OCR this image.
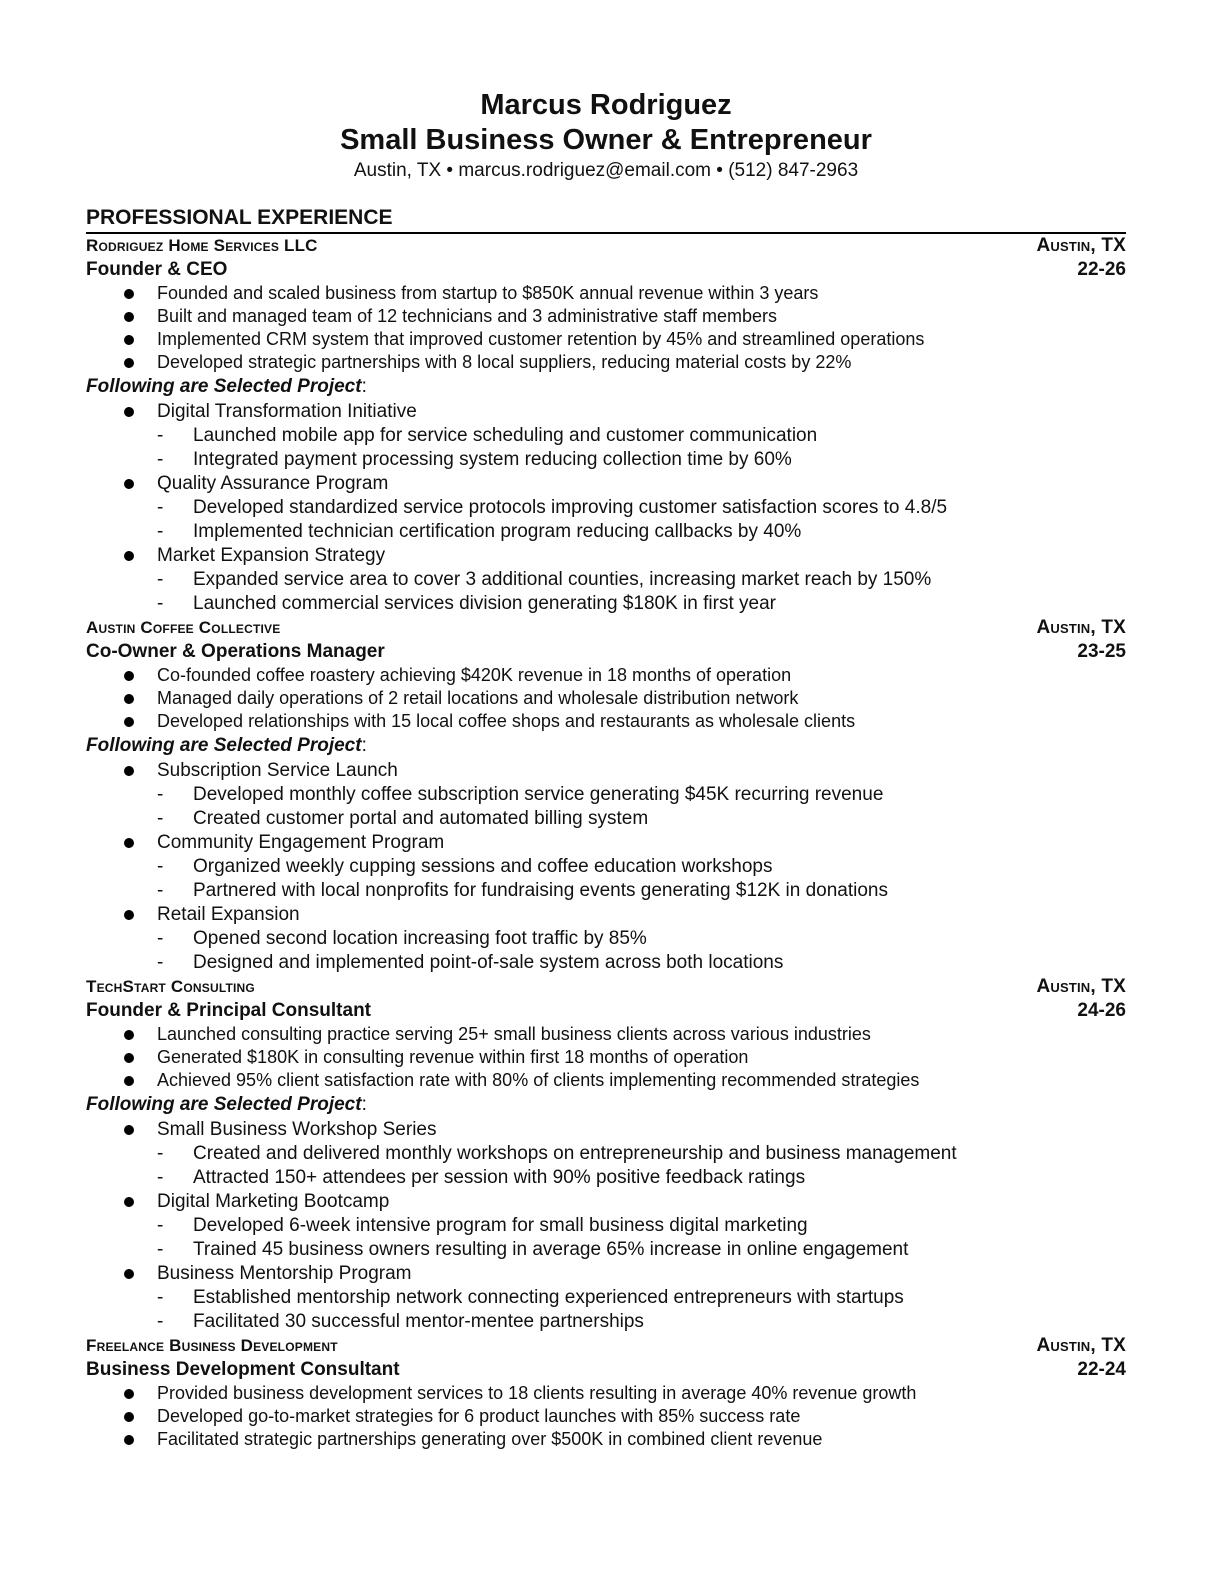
Marcus Rodriguez
Small Business Owner & Entrepreneur

Austin, TX • marcus.rodriguez@email.com • (512) 847-2963

PROFESSIONAL EXPERIENCE
Rodriguez Home Services LLC	Austin, TX
Founder & CEO	22-26
Founded and scaled business from startup to $850K annual revenue within 3 years
Built and managed team of 12 technicians and 3 administrative staff members
Implemented CRM system that improved customer retention by 45% and streamlined operations
Developed strategic partnerships with 8 local suppliers, reducing material costs by 22%
Following are Selected Project:
Digital Transformation Initiative
- Launched mobile app for service scheduling and customer communication
- Integrated payment processing system reducing collection time by 60%
Quality Assurance Program
- Developed standardized service protocols improving customer satisfaction scores to 4.8/5
- Implemented technician certification program reducing callbacks by 40%
Market Expansion Strategy
- Expanded service area to cover 3 additional counties, increasing market reach by 150%
- Launched commercial services division generating $180K in first year
Austin Coffee Collective	Austin, TX
Co-Owner & Operations Manager	23-25
Co-founded coffee roastery achieving $420K revenue in 18 months of operation
Managed daily operations of 2 retail locations and wholesale distribution network
Developed relationships with 15 local coffee shops and restaurants as wholesale clients
Following are Selected Project:
Subscription Service Launch
- Developed monthly coffee subscription service generating $45K recurring revenue
- Created customer portal and automated billing system
Community Engagement Program
- Organized weekly cupping sessions and coffee education workshops
- Partnered with local nonprofits for fundraising events generating $12K in donations
Retail Expansion
- Opened second location increasing foot traffic by 85%
- Designed and implemented point-of-sale system across both locations
TechStart Consulting	Austin, TX
Founder & Principal Consultant	24-26
Launched consulting practice serving 25+ small business clients across various industries
Generated $180K in consulting revenue within first 18 months of operation
Achieved 95% client satisfaction rate with 80% of clients implementing recommended strategies
Following are Selected Project:
Small Business Workshop Series
- Created and delivered monthly workshops on entrepreneurship and business management
- Attracted 150+ attendees per session with 90% positive feedback ratings
Digital Marketing Bootcamp
- Developed 6-week intensive program for small business digital marketing
- Trained 45 business owners resulting in average 65% increase in online engagement
Business Mentorship Program
- Established mentorship network connecting experienced entrepreneurs with startups
- Facilitated 30 successful mentor-mentee partnerships
Freelance Business Development	Austin, TX
Business Development Consultant	22-24
Provided business development services to 18 clients resulting in average 40% revenue growth
Developed go-to-market strategies for 6 product launches with 85% success rate
Facilitated strategic partnerships generating over $500K in combined client revenue
